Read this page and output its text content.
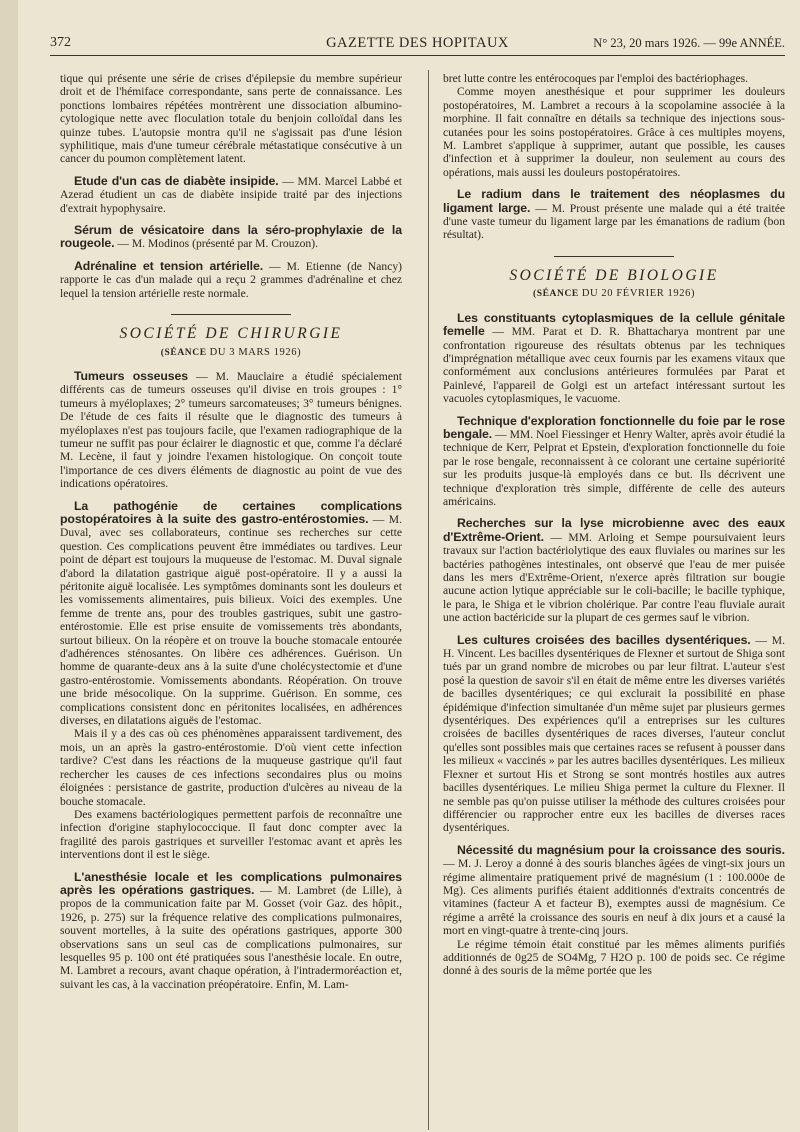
372	GAZETTE DES HOPITAUX	N° 23, 20 mars 1926. — 99e ANNÉE.

tique qui présente une série de crises d'épilepsie du membre supérieur droit et de l'hémiface correspondante, sans perte de connaissance. Les ponctions lombaires répétées montrèrent une dissociation albumino-cytologique nette avec floculation totale du benjoin colloïdal dans les quinze tubes. L'autopsie montra qu'il ne s'agissait pas d'une lésion syphilitique, mais d'une tumeur cérébrale métastatique consécutive à un cancer du poumon complètement latent.

Etude d'un cas de diabète insipide. — MM. Marcel Labbé et Azerad étudient un cas de diabète insipide traité par des injections d'extrait hypophysaire.

Sérum de vésicatoire dans la séro-prophylaxie de la rougeole. — M. Modinos (présenté par M. Crouzon).

Adrénaline et tension artérielle. — M. Etienne (de Nancy) rapporte le cas d'un malade qui a reçu 2 grammes d'adrénaline et chez lequel la tension artérielle reste normale.

SOCIÉTÉ DE CHIRURGIE
(SÉANCE DU 3 MARS 1926)

Tumeurs osseuses — M. Mauclaire a étudié spécialement différents cas de tumeurs osseuses qu'il divise en trois groupes : 1° tumeurs à myéloplaxes; 2° tumeurs sarcomateuses; 3° tumeurs bénignes. De l'étude de ces faits il résulte que le diagnostic des tumeurs à myéloplaxes n'est pas toujours facile, que l'examen radiographique de la tumeur ne suffit pas pour éclairer le diagnostic et que, comme l'a déclaré M. Lecène, il faut y joindre l'examen histologique. On conçoit toute l'importance de ces divers éléments de diagnostic au point de vue des indications opératoires.

La pathogénie de certaines complications postopératoires à la suite des gastro-entérostomies. — M. Duval, avec ses collaborateurs, continue ses recherches sur cette question. Ces complications peuvent être immédiates ou tardives. Leur point de départ est toujours la muqueuse de l'estomac. M. Duval signale d'abord la dilatation gastrique aiguë post-opératoire. Il y a aussi la péritonite aiguë localisée. Les symptômes dominants sont les douleurs et les vomissements alimentaires, puis bilieux. Voici des exemples. Une femme de trente ans, pour des troubles gastriques, subit une gastro-entérostomie. Elle est prise ensuite de vomissements très abondants, surtout bilieux. On la réopère et on trouve la bouche stomacale entourée d'adhérences sténosantes. On libère ces adhérences. Guérison. Un homme de quarante-deux ans à la suite d'une cholécystectomie et d'une gastro-entérostomie. Vomissements abondants. Réopération. On trouve une bride mésocolique. On la supprime. Guérison. En somme, ces complications consistent donc en péritonites localisées, en adhérences diverses, en dilatations aiguës de l'estomac.

Mais il y a des cas où ces phénomènes apparaissent tardivement, des mois, un an après la gastro-entérostomie. D'où vient cette infection tardive? C'est dans les réactions de la muqueuse gastrique qu'il faut rechercher les causes de ces infections secondaires plus ou moins éloignées : persistance de gastrite, production d'ulcères au niveau de la bouche stomacale.

Des examens bactériologiques permettent parfois de reconnaître une infection d'origine staphylococcique. Il faut donc compter avec la fragilité des parois gastriques et surveiller l'estomac avant et après les interventions dont il est le siège.

L'anesthésie locale et les complications pulmonaires après les opérations gastriques. — M. Lambret (de Lille), à propos de la communication faite par M. Gosset (voir Gaz. des hôpit., 1926, p. 275) sur la fréquence relative des complications pulmonaires, souvent mortelles, à la suite des opérations gastriques, apporte 300 observations sans un seul cas de complications pulmonaires, sur lesquelles 95 p. 100 ont été pratiquées sous l'anesthésie locale. En outre, M. Lambret a recours, avant chaque opération, à l'intradermoréaction et, suivant les cas, à la vaccination préopératoire. Enfin, M. Lam-

bret lutte contre les entérocoques par l'emploi des bactériophages.

Comme moyen anesthésique et pour supprimer les douleurs postopératoires, M. Lambret a recours à la scopolamine associée à la morphine. Il fait connaître en détails sa technique des injections sous-cutanées pour les soins postopératoires. Grâce à ces multiples moyens, M. Lambret s'applique à supprimer, autant que possible, les causes d'infection et à supprimer la douleur, non seulement au cours des opérations, mais aussi les douleurs postopératoires.

Le radium dans le traitement des néoplasmes du ligament large. — M. Proust présente une malade qui a été traitée d'une vaste tumeur du ligament large par les émanations de radium (bon résultat).

SOCIÉTÉ DE BIOLOGIE
(SÉANCE DU 20 FÉVRIER 1926)

Les constituants cytoplasmiques de la cellule génitale femelle — MM. Parat et D. R. Bhattacharya montrent par une confrontation rigoureuse des résultats obtenus par les techniques d'imprégnation métallique avec ceux fournis par les examens vitaux que conformément aux conclusions antérieures formulées par Parat et Painlevé, l'appareil de Golgi est un artefact intéressant surtout les vacuoles cytoplasmiques, le vacuome.

Technique d'exploration fonctionnelle du foie par le rose bengale. — MM. Noel Fiessinger et Henry Walter, après avoir étudié la technique de Kerr, Pelprat et Epstein, d'exploration fonctionnelle du foie par le rose bengale, reconnaissent à ce colorant une certaine supériorité sur les produits jusque-là employés dans ce but. Ils décrivent une technique d'exploration très simple, différente de celle des auteurs américains.

Recherches sur la lyse microbienne avec des eaux d'Extrême-Orient. — MM. Arloing et Sempe poursuivaient leurs travaux sur l'action bactériolytique des eaux fluviales ou marines sur les bactéries pathogènes intestinales, ont observé que l'eau de mer puisée dans les mers d'Extrême-Orient, n'exerce après filtration sur bougie aucune action lytique appréciable sur le coli-bacille; le bacille typhique, le para, le Shiga et le vibrion cholérique. Par contre l'eau fluviale aurait une action bactéricide sur la plupart de ces germes sauf le vibrion.

Les cultures croisées des bacilles dysentériques. — M. H. Vincent. Les bacilles dysentériques de Flexner et surtout de Shiga sont tués par un grand nombre de microbes ou par leur filtrat. L'auteur s'est posé la question de savoir s'il en était de même entre les diverses variétés de bacilles dysentériques; ce qui exclurait la possibilité en phase épidémique d'infection simultanée d'un même sujet par plusieurs germes dysentériques. Des expériences qu'il a entreprises sur les cultures croisées de bacilles dysentériques de races diverses, l'auteur conclut qu'elles sont possibles mais que certaines races se refusent à pousser dans les milieux « vaccinés » par les autres bacilles dysentériques. Les milieux Flexner et surtout His et Strong se sont montrés hostiles aux autres bacilles dysentériques. Le milieu Shiga permet la culture du Flexner. Il ne semble pas qu'on puisse utiliser la méthode des cultures croisées pour différencier ou rapprocher entre eux les bacilles de diverses races dysentériques.

Nécessité du magnésium pour la croissance des souris. — M. J. Leroy a donné à des souris blanches âgées de vingt-six jours un régime alimentaire pratiquement privé de magnésium (1 : 100.000e de Mg). Ces aliments purifiés étaient additionnés d'extraits concentrés de vitamines (facteur A et facteur B), exemptes aussi de magnésium. Ce régime a arrêté la croissance des souris en neuf à dix jours et a causé la mort en vingt-quatre à trente-cinq jours.

Le régime témoin était constitué par les mêmes aliments purifiés additionnés de 0g25 de SO4Mg, 7 H2O p. 100 de poids sec. Ce régime donné à des souris de la même portée que les
